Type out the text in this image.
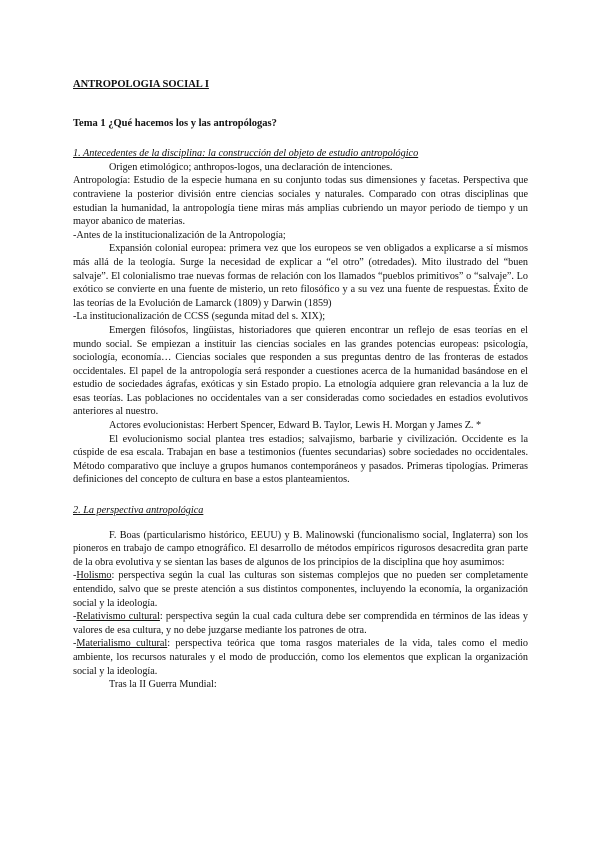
ANTROPOLOGIA SOCIAL I

Tema 1 ¿Qué hacemos los y las antropólogas?

1. Antecedentes de la disciplina: la construcción del objeto de estudio antropológico

Origen etimológico; anthropos-logos, una declaración de intenciones.

Antropología: Estudio de la especie humana en su conjunto todas sus dimensiones y facetas. Perspectiva que contraviene la posterior división entre ciencias sociales y naturales. Comparado con otras disciplinas que estudian la humanidad, la antropología tiene miras más amplias cubriendo un mayor periodo de tiempo y un mayor abanico de materias.

-Antes de la institucionalización de la Antropología;

Expansión colonial europea: primera vez que los europeos se ven obligados a explicarse a sí mismos más allá de la teología. Surge la necesidad de explicar a “el otro” (otredades). Mito ilustrado del “buen salvaje”. El colonialismo trae nuevas formas de relación con los llamados “pueblos primitivos” o “salvaje”. Lo exótico se convierte en una fuente de misterio, un reto filosófico y a su vez una fuente de respuestas. Éxito de las teorías de la Evolución de Lamarck (1809) y Darwin (1859)

-La institucionalización de CCSS (segunda mitad del s. XIX);

Emergen filósofos, lingüistas, historiadores que quieren encontrar un reflejo de esas teorías en el mundo social. Se empiezan a instituir las ciencias sociales en las grandes potencias europeas: psicología, sociología, economía… Ciencias sociales que responden a sus preguntas dentro de las fronteras de estados occidentales. El papel de la antropología será responder a cuestiones acerca de la humanidad basándose en el estudio de sociedades ágrafas, exóticas y sin Estado propio. La etnología adquiere gran relevancia a la luz de esas teorías. Las poblaciones no occidentales van a ser consideradas como sociedades en estadios evolutivos anteriores al nuestro.

Actores evolucionistas: Herbert Spencer, Edward B. Taylor, Lewis H. Morgan y James Z. *

El evolucionismo social plantea tres estadios; salvajismo, barbarie y civilización. Occidente es la cúspide de esa escala. Trabajan en base a testimonios (fuentes secundarias) sobre sociedades no occidentales. Método comparativo que incluye a grupos humanos contemporáneos y pasados. Primeras tipologías. Primeras definiciones del concepto de cultura en base a estos planteamientos.

2. La perspectiva antropológica

F. Boas (particularismo histórico, EEUU) y B. Malinowski (funcionalismo social, Inglaterra) son los pioneros en trabajo de campo etnográfico. El desarrollo de métodos empíricos rigurosos desacredita gran parte de la obra evolutiva y se sientan las bases de algunos de los principios de la disciplina que hoy asumimos:

-Holismo: perspectiva según la cual las culturas son sistemas complejos que no pueden ser completamente entendido, salvo que se preste atención a sus distintos componentes, incluyendo la economía, la organización social y la ideología.

-Relativismo cultural: perspectiva según la cual cada cultura debe ser comprendida en términos de las ideas y valores de esa cultura, y no debe juzgarse mediante los patrones de otra.

-Materialismo cultural: perspectiva teórica que toma rasgos materiales de la vida, tales como el medio ambiente, los recursos naturales y el modo de producción, como los elementos que explican la organización social y la ideología.

Tras la II Guerra Mundial:
